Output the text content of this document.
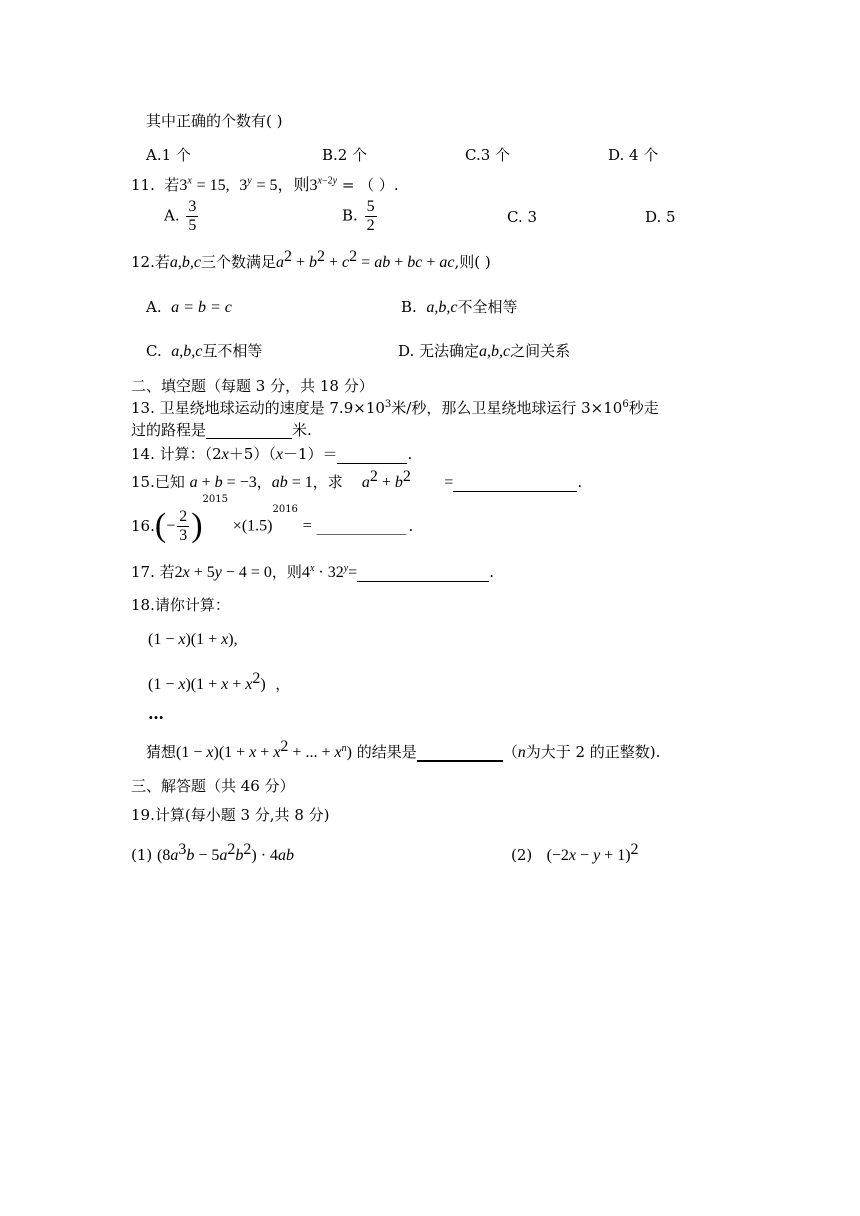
其中正确的个数有( )
A.1 个	B.2 个	C.3 个	D. 4 个
11. 若$3^x = 15$, $3^y = 5$，则$3^{x-2y}$ = （ ）.
A. $\frac{3}{5}$	B. $\frac{5}{2}$	C. 3	D. 5
12.若a,b,c三个数满足$a^2 + b^2 + c^2$ = ab + bc + ac,则( )
A. a = b = c	B. a,b,c不全相等
C. a,b,c互不相等	D. 无法确定a,b,c之间关系
二、填空题（每题 3 分，共 18 分）
13. 卫星绕地球运动的速度是 $7.9\times 10^3$米/秒，那么卫星绕地球运行 $3\times 10^6$秒走
过的路程是	米.
14. 计算：（2x＋5）（x－1）＝	.
15.已知 a + b = −3，ab = 1，求 $a^2 + b^2$ =	.
$16.(- \frac{2}{3} )^{2015} \times(1.5)^{2016}$ = ____________ .
17. 若2x + 5y − 4 = 0，则$4^x \cdot 32^y=$	.
18.请你计算：
(1 − x)(1 + x),
$(1 - x)(1 + x + x^2)$ ，
…
猜想$(1 - x)(1 + x + x^2$ + ... + $x^n$) 的结果是	（n为大于 2 的正整数).
三、解答题（共 46 分）
19.计算(每小题 3 分,共 8 分)
(1) $(8a^3b - 5a^2b^2) \cdot 4ab$	(2) $(-2x - y + 1)^2$
